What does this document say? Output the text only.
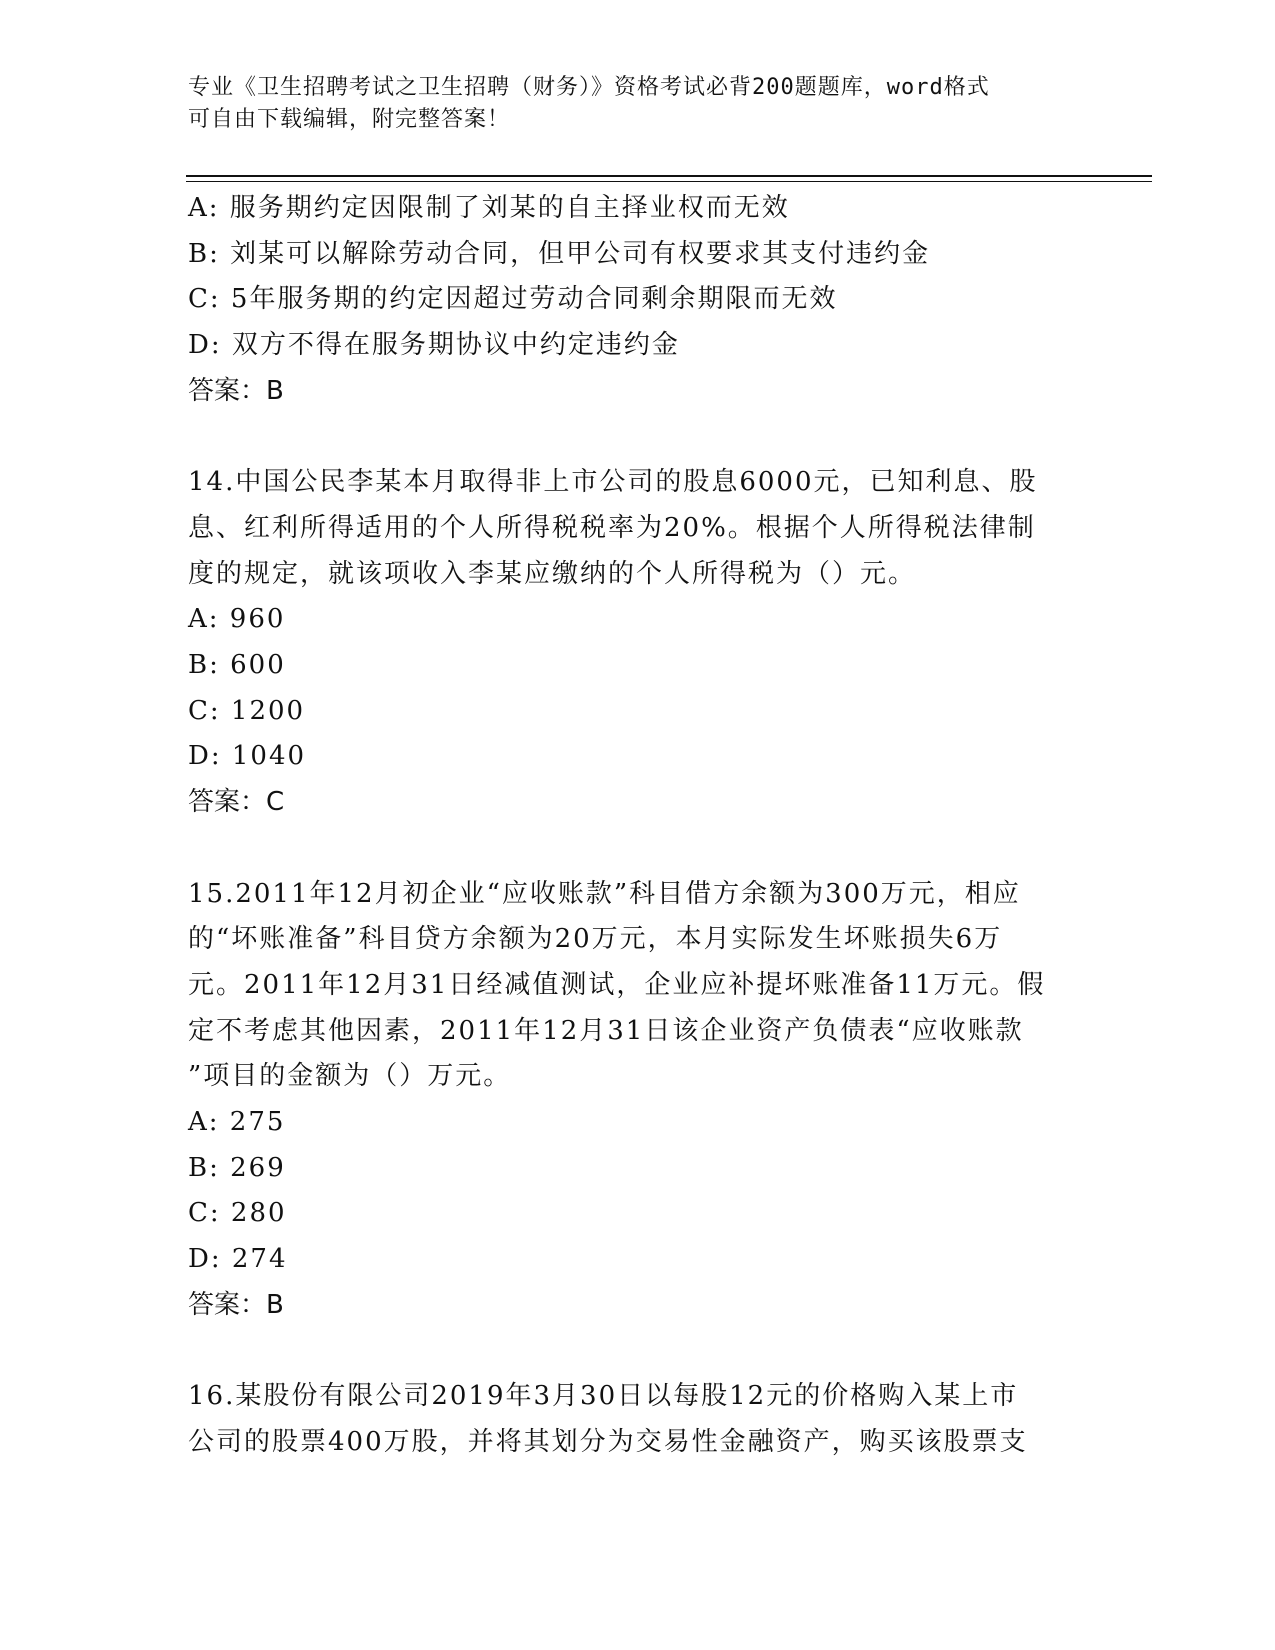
专业《卫生招聘考试之卫生招聘（财务）》资格考试必背200题题库，word格式
可自由下载编辑，附完整答案！
A: 服务期约定因限制了刘某的自主择业权而无效
B: 刘某可以解除劳动合同，但甲公司有权要求其支付违约金
C: 5年服务期的约定因超过劳动合同剩余期限而无效
D: 双方不得在服务期协议中约定违约金
答案：B
14.中国公民李某本月取得非上市公司的股息6000元，已知利息、股
息、红利所得适用的个人所得税税率为20%。根据个人所得税法律制
度的规定，就该项收入李某应缴纳的个人所得税为（）元。
A: 960
B: 600
C: 1200
D: 1040
答案：C
15.2011年12月初企业“应收账款”科目借方余额为300万元，相应
的“坏账准备”科目贷方余额为20万元，本月实际发生坏账损失6万
元。2011年12月31日经减值测试，企业应补提坏账准备11万元。假
定不考虑其他因素，2011年12月31日该企业资产负债表“应收账款
”项目的金额为（）万元。
A: 275
B: 269
C: 280
D: 274
答案：B
16.某股份有限公司2019年3月30日以每股12元的价格购入某上市
公司的股票400万股，并将其划分为交易性金融资产，购买该股票支
